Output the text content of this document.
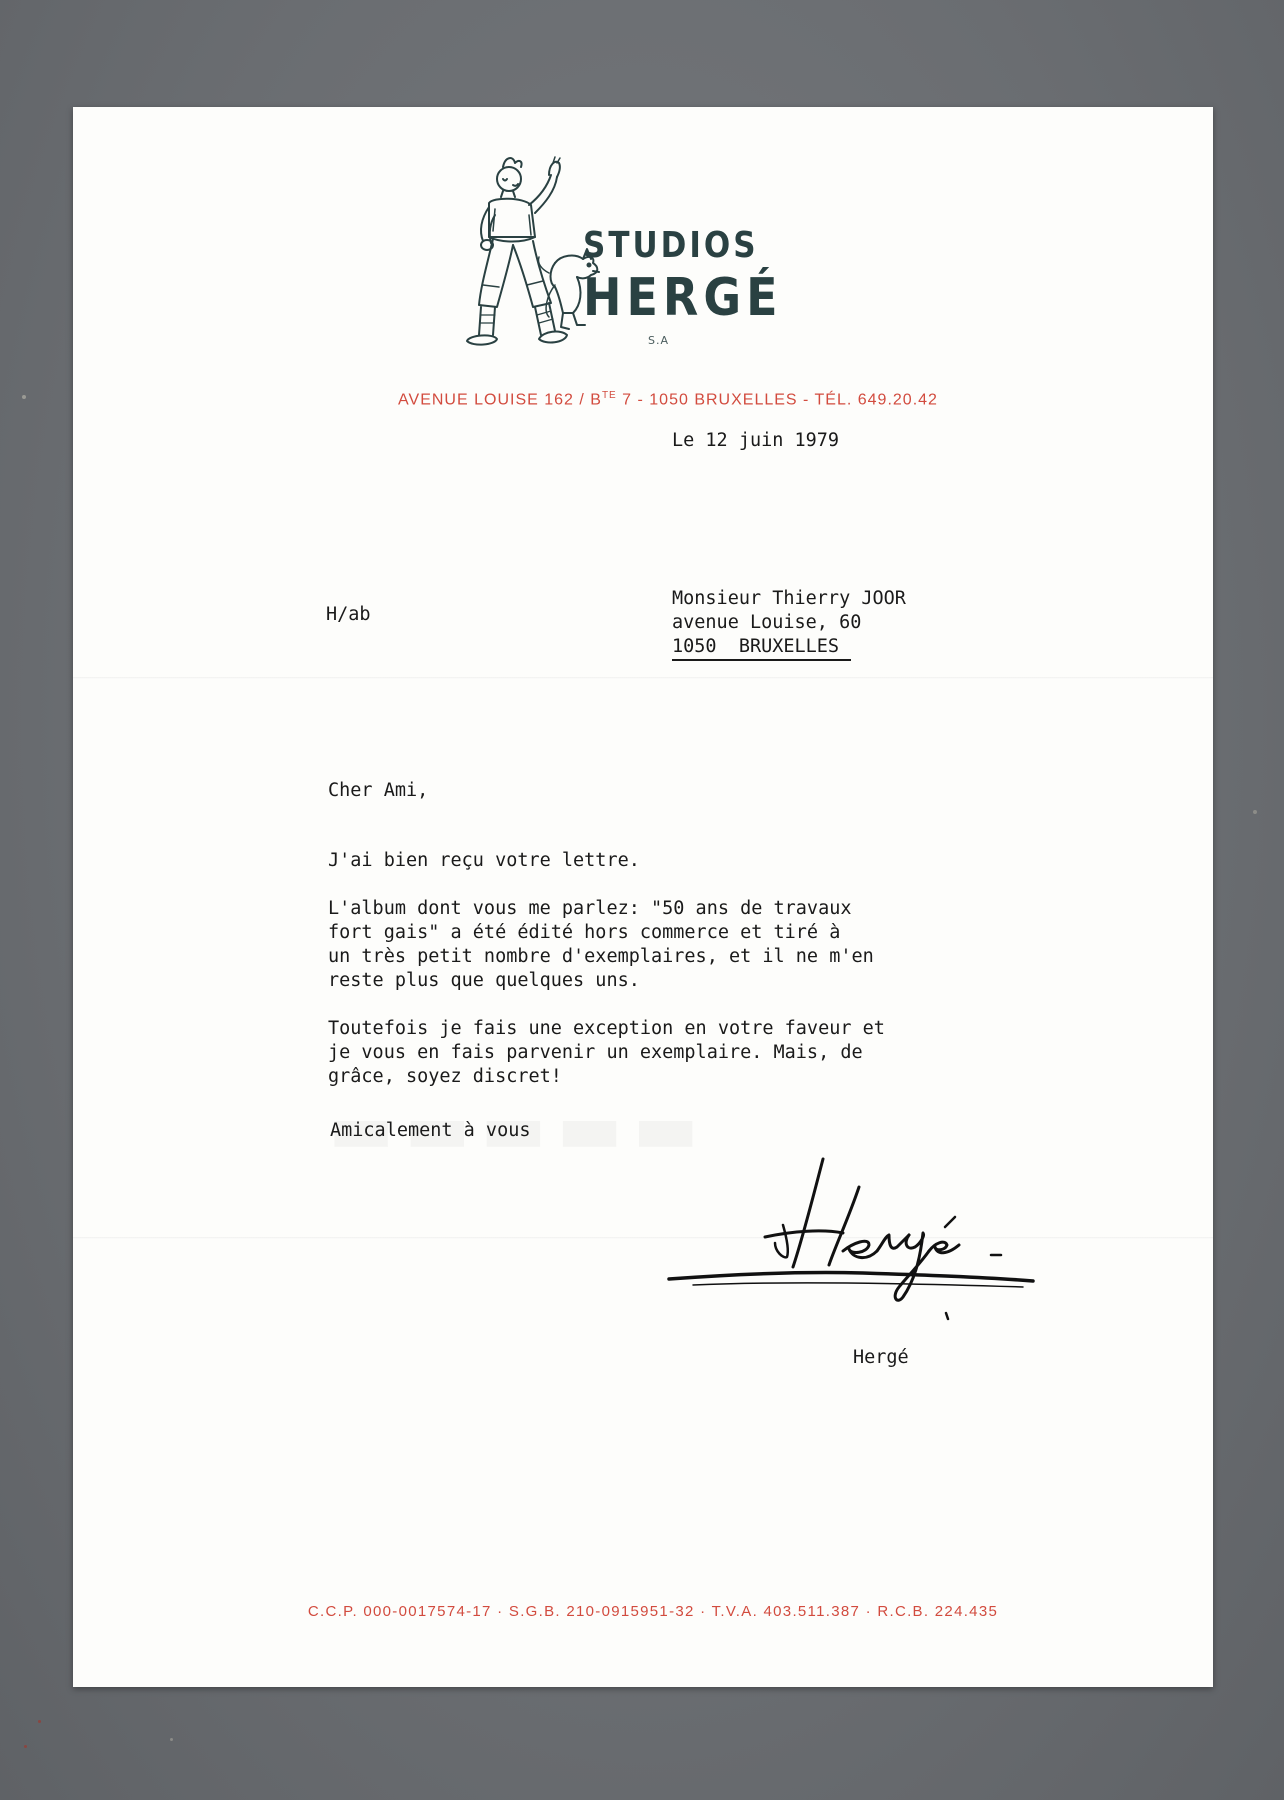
STUDIOS
HERGÉ
S.A
AVENUE LOUISE $162 / B^{TE}$ 7 - 1050 BRUXELLES - TÉL. 649.20.42
Le 12 juin 1979
H/ab
Monsieur Thierry JOOR
avenue Louise, 60
1050  BRUXELLES
Cher Ami,
J'ai bien reçu votre lettre.
L'album dont vous me parlez: "50 ans de travaux
fort gais" a été édité hors commerce et tiré à
un très petit nombre d'exemplaires, et il ne m'en
reste plus que quelques uns.
Toutefois je fais une exception en votre faveur et
je vous en fais parvenir un exemplaire. Mais, de
grâce, soyez discret!
Amicalement à vous
Hergé
C.C.P. 000-0017574-17 · S.G.B. 210-0915951-32 · T.V.A. 403.511.387 · R.C.B. 224.435
